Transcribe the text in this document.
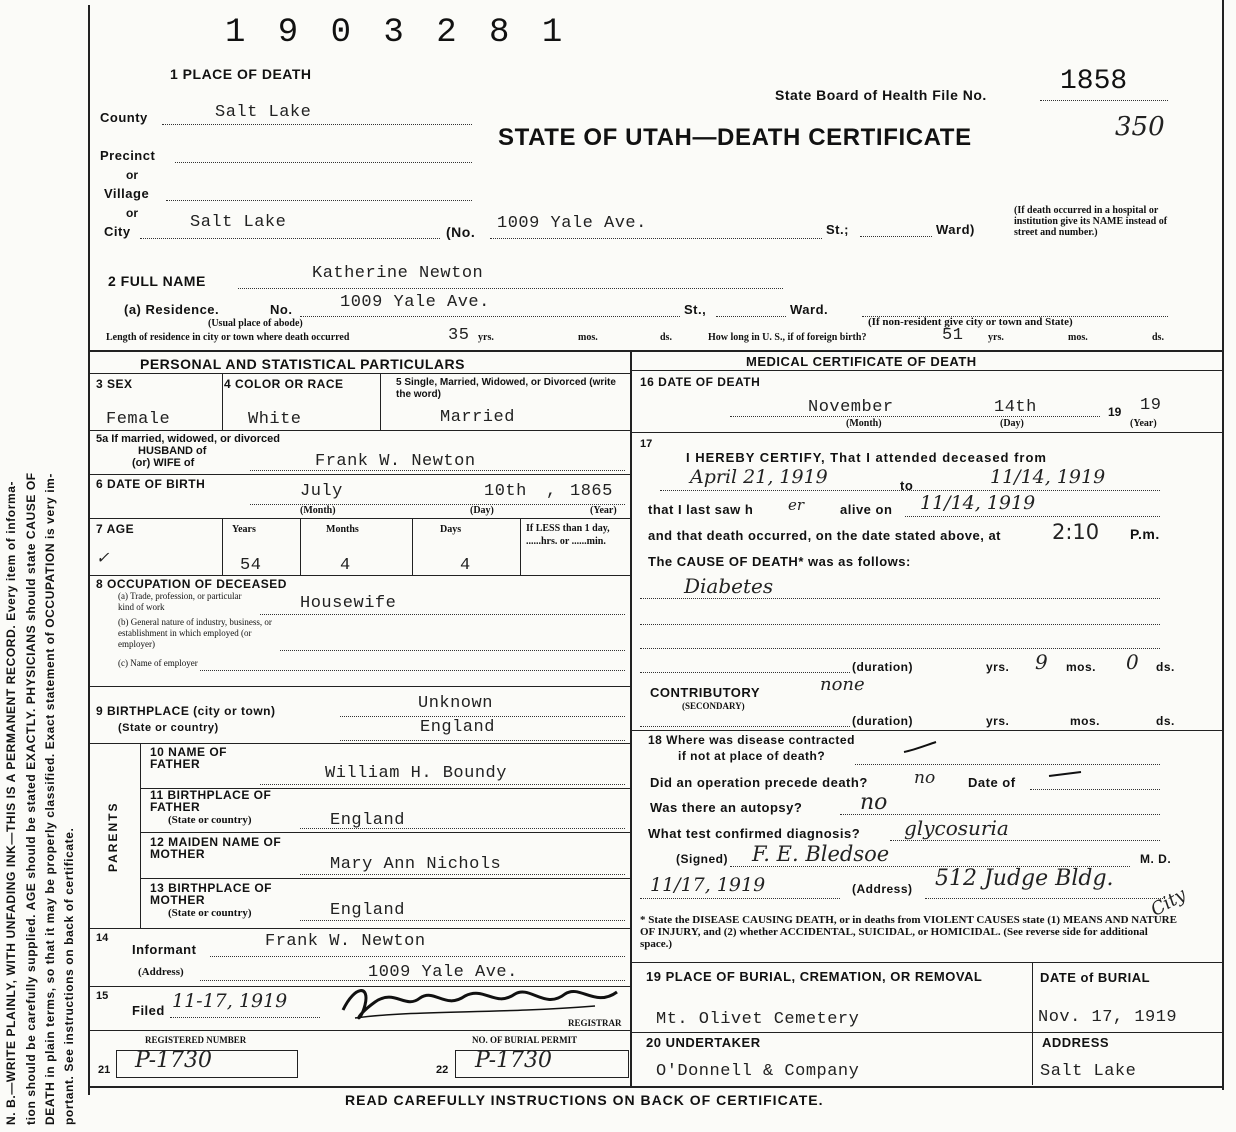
N. B.—WRITE PLAINLY, WITH UNFADING INK—THIS IS A PERMANENT RECORD. Every item of informa- tion should be carefully supplied. AGE should be stated EXACTLY. PHYSICIANS should state CAUSE OF DEATH in plain terms, so that it may be properly classified. Exact statement of OCCUPATION is very im- portant. See instructions on back of certificate.
1 9 0 3 2 8 1
1 PLACE OF DEATH
State Board of Health File No.	1858
STATE OF UTAH—DEATH CERTIFICATE	350
County	Salt Lake
Precinct
or
Village
or
City	Salt Lake	(No. 1009 Yale Ave.	St.;	Ward)
(If death occurred in a hospital or institution give its NAME instead of street and number.)
2 FULL NAME	Katherine Newton
(a) Residence.	No.	1009 Yale Ave.	St.,	Ward.
(Usual place of abode)	(If non-resident give city or town and State)
Length of residence in city or town where death occurred	35 yrs.	mos.	ds.	How long in U. S., if of foreign birth?	51 yrs.	mos.	ds.
PERSONAL AND STATISTICAL PARTICULARS
3 SEX	4 COLOR OR RACE	5 Single, Married, Widowed, or Divorced (write the word)
Female	White	Married
5a If married, widowed, or divorced
HUSBAND of
(or) WIFE of	Frank W. Newton
6 DATE OF BIRTH	July	10th , 1865
(Month)	(Day)	(Year)
7 AGE	Years	Months	Days	If LESS than 1 day, ......hrs. or ......min.
✓	54	4	4
8 OCCUPATION OF DECEASED
(a) Trade, profession, or particular kind of work	Housewife
(b) General nature of industry, business, or establishment in which employed (or employer)
(c) Name of employer
9 BIRTHPLACE (city or town)
(State or country)
Unknown
England
PARENTS
10 NAME OF FATHER	William H. Boundy
11 BIRTHPLACE OF FATHER
(State or country)	England
12 MAIDEN NAME OF MOTHER
Mary Ann Nichols
13 BIRTHPLACE OF MOTHER
(State or country)	England
14
Informant	Frank W. Newton
(Address)	1009 Yale Ave.
15
Filed 11-17, 1919
REGISTRAR
REGISTERED NUMBER	NO. OF BURIAL PERMIT
21 P-1730	22 P-1730
MEDICAL CERTIFICATE OF DEATH
16 DATE OF DEATH
November	14th	19 19
(Month)	(Day)	(Year)
17
I HEREBY CERTIFY, That I attended deceased from
April 21, 1919	to	11/14, 1919
that I last saw h er	alive on 11/14, 1919
and that death occurred, on the date stated above, at 2:10 P.m.
The CAUSE OF DEATH* was as follows:
Diabetes
(duration)	yrs. 9 mos. 0 ds.
CONTRIBUTORY	none
(SECONDARY)
(duration)	yrs.	mos.	ds.
18 Where was disease contracted
if not at place of death?
Did an operation precede death?	no	Date of
Was there an autopsy?	no
What test confirmed diagnosis? glycosuria
(Signed) F. E. Bledsoe	M. D.
11/17, 1919	(Address) 512 Judge Bldg.
City
* State the DISEASE CAUSING DEATH, or in deaths from VIOLENT CAUSES state (1) MEANS AND NATURE OF INJURY, and (2) whether ACCIDENTAL, SUICIDAL, or HOMICIDAL. (See reverse side for additional space.)
19 PLACE OF BURIAL, CREMATION, OR REMOVAL	DATE of BURIAL
Mt. Olivet Cemetery	Nov. 17, 1919
20 UNDERTAKER	ADDRESS
O'Donnell & Company	Salt Lake
READ CAREFULLY INSTRUCTIONS ON BACK OF CERTIFICATE.
